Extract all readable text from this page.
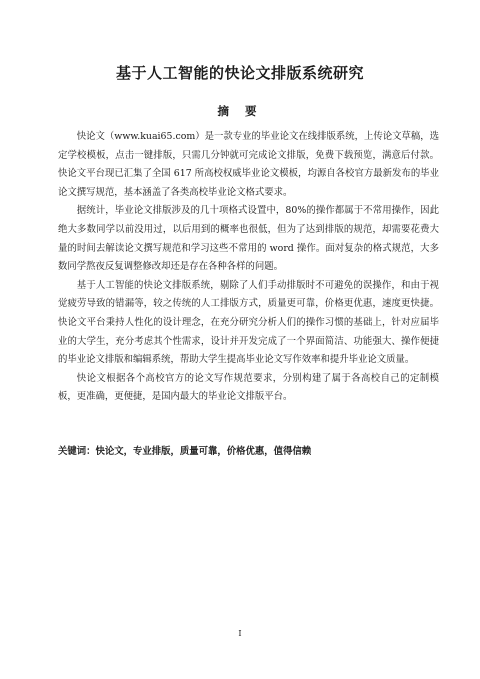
基于人工智能的快论文排版系统研究
摘 要

快论文（www.kuai65.com）是一款专业的毕业论文在线排版系统，上传论文草稿，选定学校模板，点击一键排版，只需几分钟就可完成论文排版，免费下载预览，满意后付款。快论文平台现已汇集了全国 617 所高校权威毕业论文模板，均源自各校官方最新发布的毕业论文撰写规范，基本涵盖了各类高校毕业论文格式要求。

据统计，毕业论文排版涉及的几十项格式设置中，80%的操作都属于不常用操作，因此绝大多数同学以前没用过，以后用到的概率也很低，但为了达到排版的规范，却需要花费大量的时间去解读论文撰写规范和学习这些不常用的 word 操作。面对复杂的格式规范，大多数同学熬夜反复调整修改却还是存在各种各样的问题。

基于人工智能的快论文排版系统，剔除了人们手动排版时不可避免的误操作，和由于视觉疲劳导致的错漏等，较之传统的人工排版方式，质量更可靠，价格更优惠，速度更快捷。快论文平台秉持人性化的设计理念，在充分研究分析人们的操作习惯的基础上，针对应届毕业的大学生，充分考虑其个性需求，设计并开发完成了一个界面简洁、功能强大、操作便捷的毕业论文排版和编辑系统，帮助大学生提高毕业论文写作效率和提升毕业论文质量。

快论文根据各个高校官方的论文写作规范要求，分别构建了属于各高校自己的定制模板，更准确，更便捷，是国内最大的毕业论文排版平台。

关键词：快论文，专业排版，质量可靠，价格优惠，值得信赖
I
